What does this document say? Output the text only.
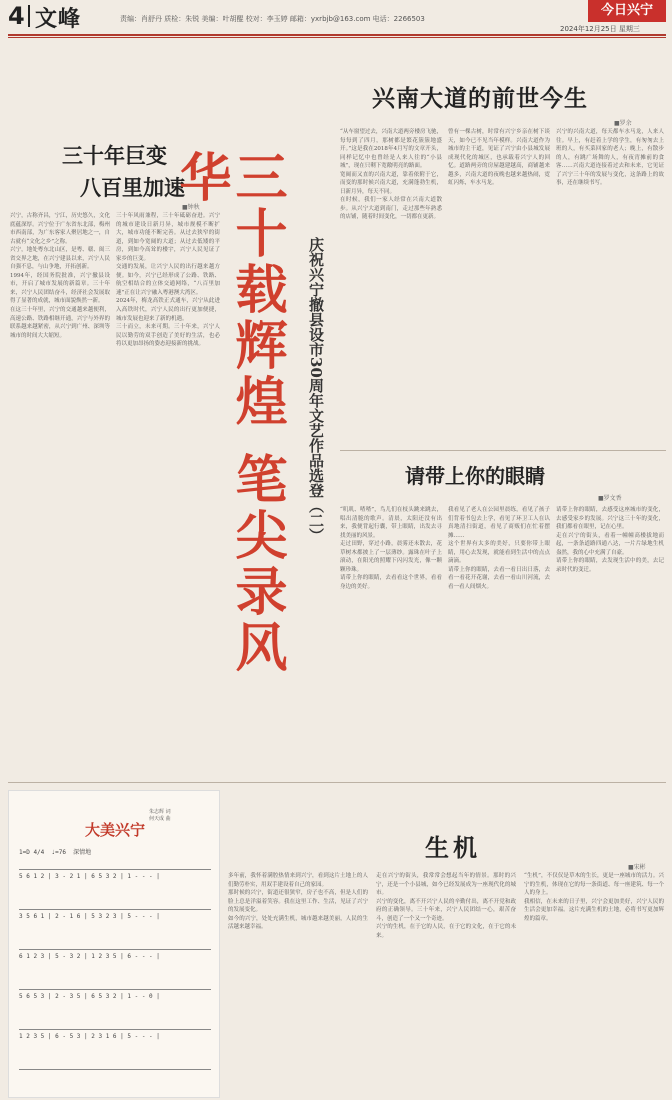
4 文峰	责编：肖舒丹 质检：朱锐 美编：叶胡醌 校对：李玉婷 邮箱：yxrbjb@163.com 电话：2266503
今日兴宁
2024年12月25日 星期三
兴南大道的前世今生
■罗余
“从车窗望过去，兴南大道两旁楼房飞驰，每每到了四月，那树都是繁花簇簇地盛开。”这是我在2018年4月写的文章开头，同样记忆中也曾经是人来人往的“小县城”，现在只剩下宽敞明亮的路面。
宽阔而又直的兴南大道，靠着依附于它，而变的那时候兴南大道，充满蓬勃生机，日新月异，每天不同。
在时候，我们一家人经常在兴南大道散步。从兴宁大道到南门，走过那些年熟悉的店铺，随着时间变化，一切都在更新。
曾有一棵古树，时常有兴宁乡亲在树下谈天，如今已不见当年模样。兴南大道作为城市的主干道，见证了兴宁由小县城发展成现代化的城区，也承载着兴宁人的回忆。道路两旁的房屋越建越高，商铺越来越多，兴南大道的夜晚也越来越热闹，霓虹闪烁，车水马龙。
兴宁的兴南大道，每天都车水马龙，人来人往。早上，有赶着上学的学生，有匆匆去上班的人，有买菜回家的老人；晚上，有散步的人，有跳广场舞的人，有夜宵摊前的食客……兴南大道连接着过去和未来，它见证了兴宁三十年的发展与变化，这条路上的故事，还在继续书写。
三十年巨变
八百里加速
■钟秋
兴宁，古称齐昌，宁江，历史悠久，文化底蕴深厚。兴宁位于广东省东北部，梅州市西南部，为广东客家人聚居地之一，自古就有“文化之乡”之称。
兴宁，地处粤东北山区，是粤、赣、闽三省交界之地，在兴宁建县以来，兴宁人民自强不息，与山争地，开拓创新。
1994年，经国务院批准，兴宁撤县设市，开启了城市发展的新篇章。三十年来，兴宁人民团结奋斗，经济社会发展取得了显著的成就，城市面貌焕然一新。
在这三十年里，兴宁的交通越来越便利，高速公路、铁路相继开通，兴宁与外界的联系越来越紧密，从兴宁到广州、深圳等城市的时间大大缩短。
三十年风雨兼程，三十年砥砺奋进。兴宁的城市建设日新月异，城市规模不断扩大，城市功能不断完善。从过去狭窄的街道，到如今宽阔的大道；从过去低矮的平房，到如今高耸的楼宇，兴宁人民见证了家乡的巨变。
交通的发展，让兴宁人民的出行越来越方便。如今，兴宁已经形成了公路、铁路、航空相结合的立体交通网络，“八百里加速”正在让兴宁融入粤港澳大湾区。
2024年，梅龙高铁正式通车，兴宁从此进入高铁时代，兴宁人民的出行更加便捷，城市发展也迎来了新的机遇。
三十而立，未来可期。三十年来，兴宁人民以勤劳的双手创造了美好的生活，也必将以更加昂扬的姿态迎接新的挑战。 三十载辉煌 笔尖录风华
庆祝兴宁撤县设市30周年文艺作品选登（二）	请带上你的眼睛
■罗文香
“叽叽、喳喳”，鸟儿们在枝头跳来跳去，唱出清脆的歌声。清晨，太阳还没有出来，我便背起行囊，带上眼睛，出发去寻找美丽的风景。
走过田野，穿过小路，晨雾还未散去，花草树木都披上了一层薄纱。露珠在叶子上滚动，在阳光的照耀下闪闪发光，像一颗颗珍珠。
请带上你的眼睛，去看看这个世界，看看身边的美好。
我看见了老人在公园里晨练，看见了孩子们背着书包去上学，看见了环卫工人在认真地清扫街道，看见了商贩们在忙着摆摊……
这个世界有太多的美好，只要你带上眼睛，用心去发现，就能看到生活中的点点滴滴。
请带上你的眼睛，去看一看日出日落，去看一看花开花谢，去看一看山川河流，去看一看人间烟火。
请带上你的眼睛，去感受这座城市的变化，去感受家乡的发展。兴宁这三十年的变化，我们都看在眼里，记在心里。
走在兴宁的街头，看着一幢幢高楼拔地而起，一条条道路四通八达，一片片绿地生机盎然，我的心中充满了自豪。
请带上你的眼睛，去发现生活中的美，去记录时代的变迁。
大美兴宁
朱志辉 词
何天成 曲
1=D 4/4  ♩=76  深情地
5 6 1 2 | 3 - 2 1 | 6 5 3 2 | 1 - - - |
3 5 6 1 | 2 - 1 6 | 5 3 2 3 | 5 - - - |
6 1 2 3 | 5 - 3 2 | 1 2 3 5 | 6 - - - |
5 6 5 3 | 2 - 3 5 | 6 5 3 2 | 1 - - 0 |
1 2 3 5 | 6 - 5 3 | 2 3 1 6 | 5 - - - |
生机
■宋彬
多年前，我怀着满腔热情来到兴宁，看到这片土地上的人们勤劳朴实，用双手建设着自己的家园。
那时候的兴宁，街道还很狭窄，房子也不高，但是人们的脸上总是洋溢着笑容。我在这里工作、生活，见证了兴宁的发展变化。
如今的兴宁，处处充满生机，城市越来越美丽，人民的生活越来越幸福。
走在兴宁的街头，我常常会想起当年的情景。那时的兴宁，还是一个小县城，如今已经发展成为一座现代化的城市。
兴宁的变化，离不开兴宁人民的辛勤付出，离不开党和政府的正确领导。三十年来，兴宁人民团结一心，艰苦奋斗，创造了一个又一个奇迹。
兴宁的生机，在于它的人民，在于它的文化，在于它的未来。
“生机”，不仅仅是草木的生长，更是一座城市的活力。兴宁的生机，体现在它的每一条街道、每一座建筑、每一个人的身上。
我相信，在未来的日子里，兴宁会更加美好，兴宁人民的生活会更加幸福。这片充满生机的土地，必将书写更加辉煌的篇章。
